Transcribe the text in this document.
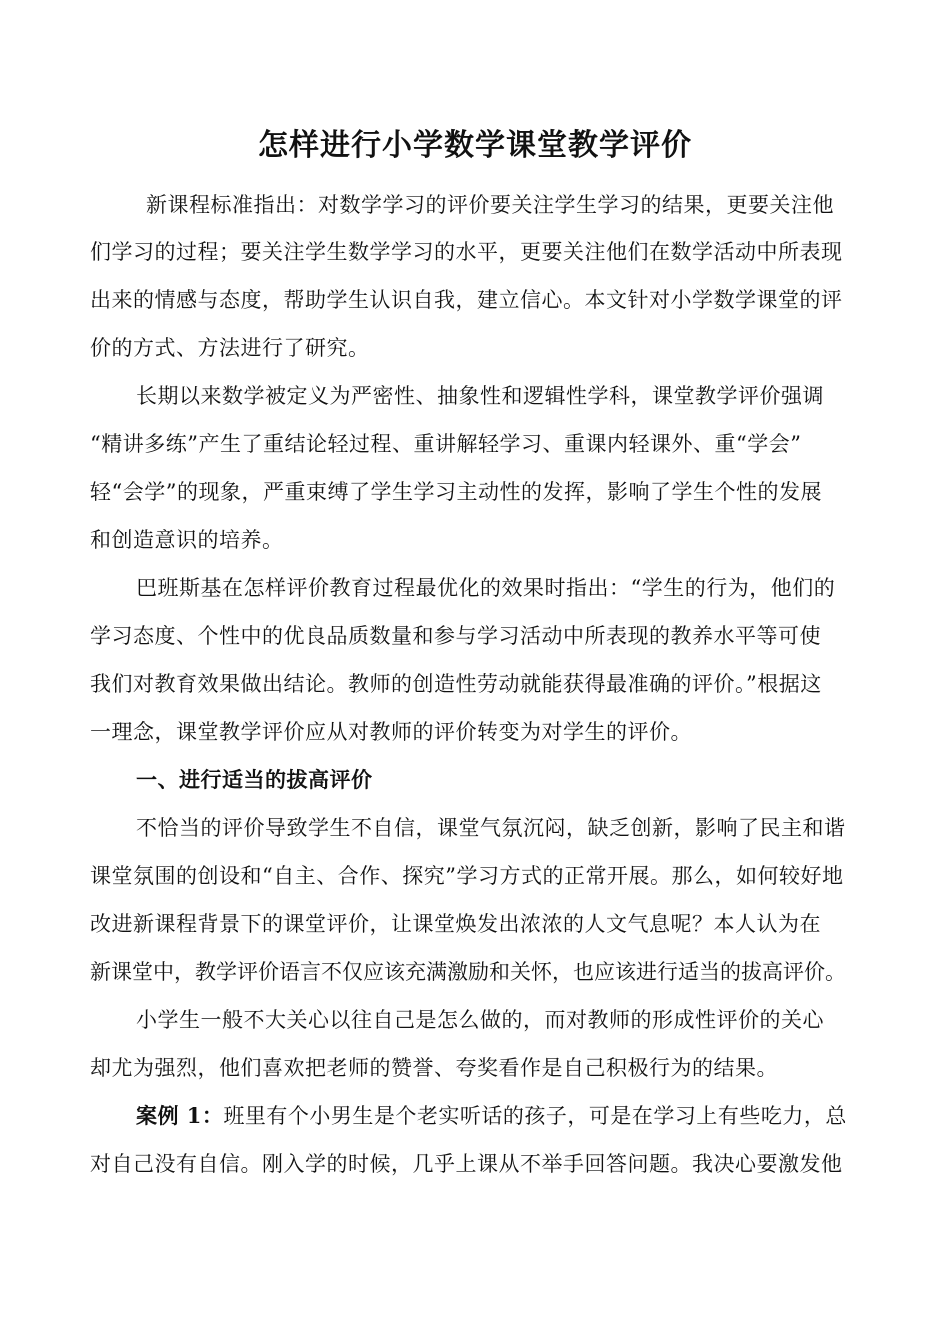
怎样进行小学数学课堂教学评价

新课程标准指出：对数学学习的评价要关注学生学习的结果，更要关注他

们学习的过程；要关注学生数学学习的水平，更要关注他们在数学活动中所表现

出来的情感与态度，帮助学生认识自我，建立信心。本文针对小学数学课堂的评

价的方式、方法进行了研究。

长期以来数学被定义为严密性、抽象性和逻辑性学科，课堂教学评价强调

“精讲多练”产生了重结论轻过程、重讲解轻学习、重课内轻课外、重“学会”

轻“会学”的现象，严重束缚了学生学习主动性的发挥，影响了学生个性的发展

和创造意识的培养。

巴班斯基在怎样评价教育过程最优化的效果时指出：“学生的行为，他们的

学习态度、个性中的优良品质数量和参与学习活动中所表现的教养水平等可使

我们对教育效果做出结论。教师的创造性劳动就能获得最准确的评价。”根据这

一理念，课堂教学评价应从对教师的评价转变为对学生的评价。

一、进行适当的拔高评价

不恰当的评价导致学生不自信，课堂气氛沉闷，缺乏创新，影响了民主和谐

课堂氛围的创设和“自主、合作、探究”学习方式的正常开展。那么，如何较好地

改进新课程背景下的课堂评价，让课堂焕发出浓浓的人文气息呢？本人认为在

新课堂中，教学评价语言不仅应该充满激励和关怀，也应该进行适当的拔高评价。

小学生一般不大关心以往自己是怎么做的，而对教师的形成性评价的关心

却尤为强烈，他们喜欢把老师的赞誉、夸奖看作是自己积极行为的结果。

案例 1：班里有个小男生是个老实听话的孩子，可是在学习上有些吃力，总

对自己没有自信。刚入学的时候，几乎上课从不举手回答问题。我决心要激发他
